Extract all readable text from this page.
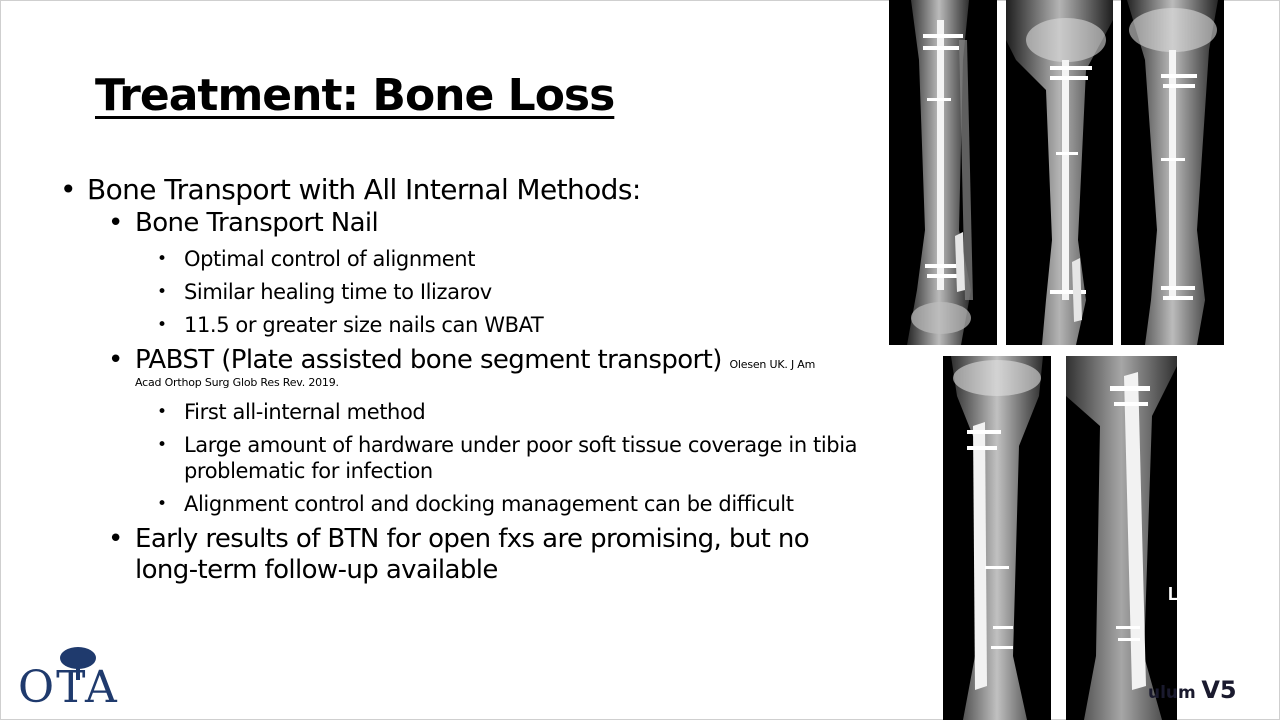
Treatment: Bone Loss
• Bone Transport with All Internal Methods:
• Bone Transport Nail
• Optimal control of alignment
• Similar healing time to Ilizarov
• 11.5 or greater size nails can WBAT
• PABST (Plate assisted bone segment transport) Olesen UK. J Am
Acad Orthop Surg Glob Res Rev. 2019.
• First all-internal method
• Large amount of hardware under poor soft tissue coverage in tibia problematic for infection
• Alignment control and docking management can be difficult
• Early results of BTN for open fxs are promising, but no long-term follow-up available
L
OTA	ulum V5
